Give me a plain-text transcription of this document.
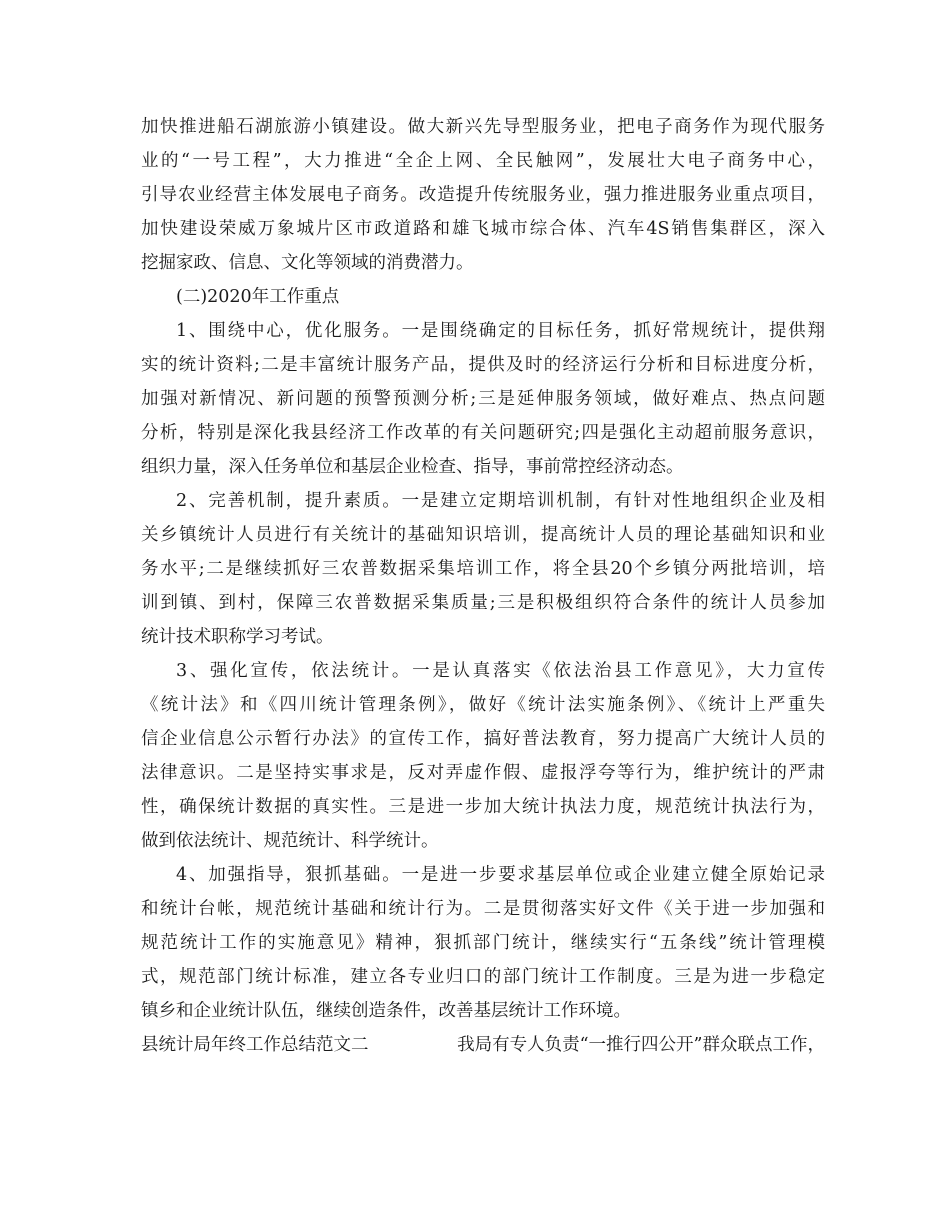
加快推进船石湖旅游小镇建设。做大新兴先导型服务业，把电子商务作为现代服务
业的“一号工程”，大力推进“全企上网、全民触网”，发展壮大电子商务中心，
引导农业经营主体发展电子商务。改造提升传统服务业，强力推进服务业重点项目，
加快建设荣威万象城片区市政道路和雄飞城市综合体、汽车4S销售集群区，深入
挖掘家政、信息、文化等领域的消费潜力。
(二)2020年工作重点
1、围绕中心，优化服务。一是围绕确定的目标任务，抓好常规统计，提供翔
实的统计资料;二是丰富统计服务产品，提供及时的经济运行分析和目标进度分析，
加强对新情况、新问题的预警预测分析;三是延伸服务领域，做好难点、热点问题
分析，特别是深化我县经济工作改革的有关问题研究;四是强化主动超前服务意识，
组织力量，深入任务单位和基层企业检查、指导，事前常控经济动态。
2、完善机制，提升素质。一是建立定期培训机制，有针对性地组织企业及相
关乡镇统计人员进行有关统计的基础知识培训，提高统计人员的理论基础知识和业
务水平;二是继续抓好三农普数据采集培训工作，将全县20个乡镇分两批培训，培
训到镇、到村，保障三农普数据采集质量;三是积极组织符合条件的统计人员参加
统计技术职称学习考试。
3、强化宣传，依法统计。一是认真落实《依法治县工作意见》，大力宣传
《统计法》和《四川统计管理条例》，做好《统计法实施条例》、《统计上严重失
信企业信息公示暂行办法》的宣传工作，搞好普法教育，努力提高广大统计人员的
法律意识。二是坚持实事求是，反对弄虚作假、虚报浮夸等行为，维护统计的严肃
性，确保统计数据的真实性。三是进一步加大统计执法力度，规范统计执法行为，
做到依法统计、规范统计、科学统计。
4、加强指导，狠抓基础。一是进一步要求基层单位或企业建立健全原始记录
和统计台帐，规范统计基础和统计行为。二是贯彻落实好文件《关于进一步加强和
规范统计工作的实施意见》精神，狠抓部门统计，继续实行“五条线”统计管理模
式，规范部门统计标准，建立各专业归口的部门统计工作制度。三是为进一步稳定
镇乡和企业统计队伍，继续创造条件，改善基层统计工作环境。
县统计局年终工作总结范文二	我局有专人负责“一推行四公开”群众联点工作，
